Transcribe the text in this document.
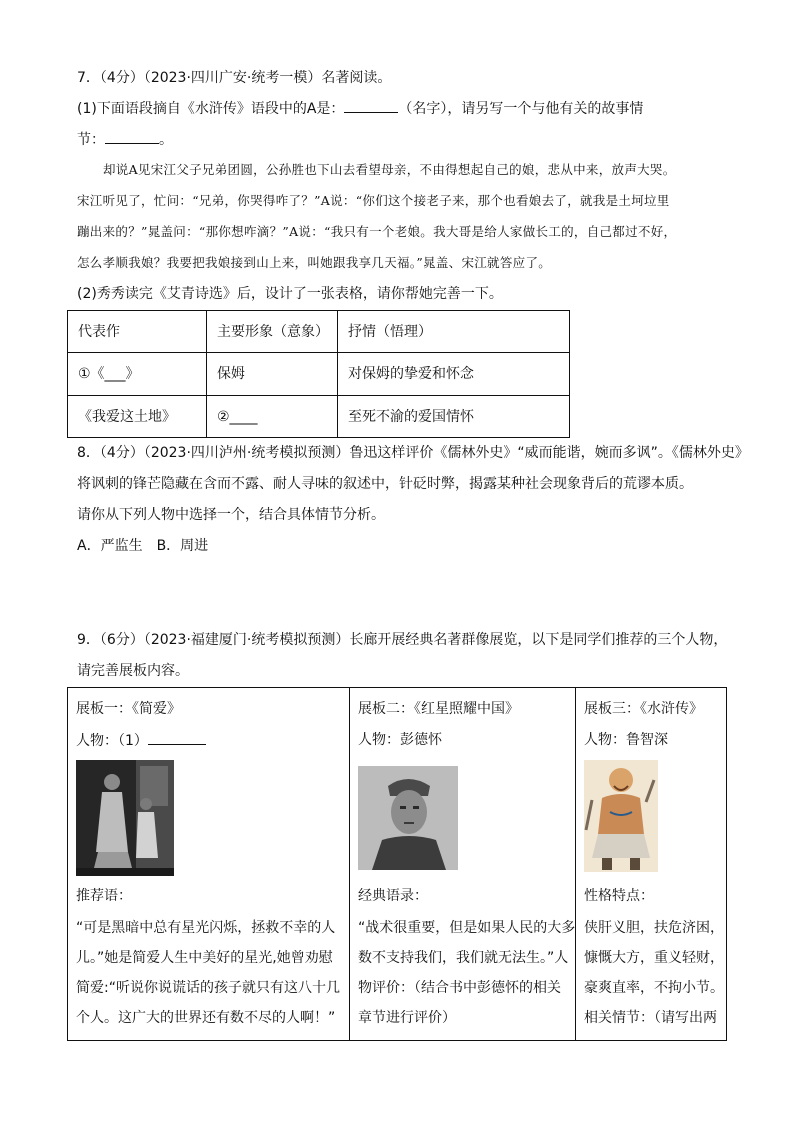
7．（4分）（2023·四川广安·统考一模）名著阅读。
(1)下面语段摘自《水浒传》语段中的A是：	（名字），请另写一个与他有关的故事情
节：	。
却说A见宋江父子兄弟团圆，公孙胜也下山去看望母亲，不由得想起自己的娘，悲从中来，放声大哭。
宋江听见了，忙问：“兄弟，你哭得咋了？”A说：“你们这个接老子来，那个也看娘去了，就我是土坷垃里
蹦出来的？”晁盖问：“那你想咋滴？”A说：“我只有一个老娘。我大哥是给人家做长工的，自己都过不好，
怎么孝顺我娘？我要把我娘接到山上来，叫她跟我享几天福。”晁盖、宋江就答应了。
(2)秀秀读完《艾青诗选》后，设计了一张表格，请你帮她完善一下。
代表作	主要形象（意象）	抒情（悟理）
①《___》	保姆	对保姆的挚爱和怀念
《我爱这土地》	②____	至死不渝的爱国情怀
8．（4分）（2023·四川泸州·统考模拟预测）鲁迅这样评价《儒林外史》“威而能谐，婉而多讽”。《儒林外史》
将讽刺的锋芒隐藏在含而不露、耐人寻味的叙述中，针砭时弊，揭露某种社会现象背后的荒谬本质。
请你从下列人物中选择一个，结合具体情节分析。
A．严监生　B．周进
9．（6分）（2023·福建厦门·统考模拟预测）长廊开展经典名著群像展览，以下是同学们推荐的三个人物，
请完善展板内容。
展板一：《简爱》
人物：（1）
推荐语：
“可是黑暗中总有星光闪烁，拯救不幸的人
儿。”她是简爱人生中美好的星光,她曾劝慰
简爱:“听说你说谎话的孩子就只有这八十几
个人。这广大的世界还有数不尽的人啊！”
展板二：《红星照耀中国》
人物：彭德怀
经典语录：
“战术很重要，但是如果人民的大多
数不支持我们，我们就无法生。”人
物评价：（结合书中彭德怀的相关
章节进行评价）
展板三：《水浒传》
人物：鲁智深
性格特点：
侠肝义胆，扶危济困，
慷慨大方，重义轻财，
豪爽直率，不拘小节。
相关情节：（请写出两
